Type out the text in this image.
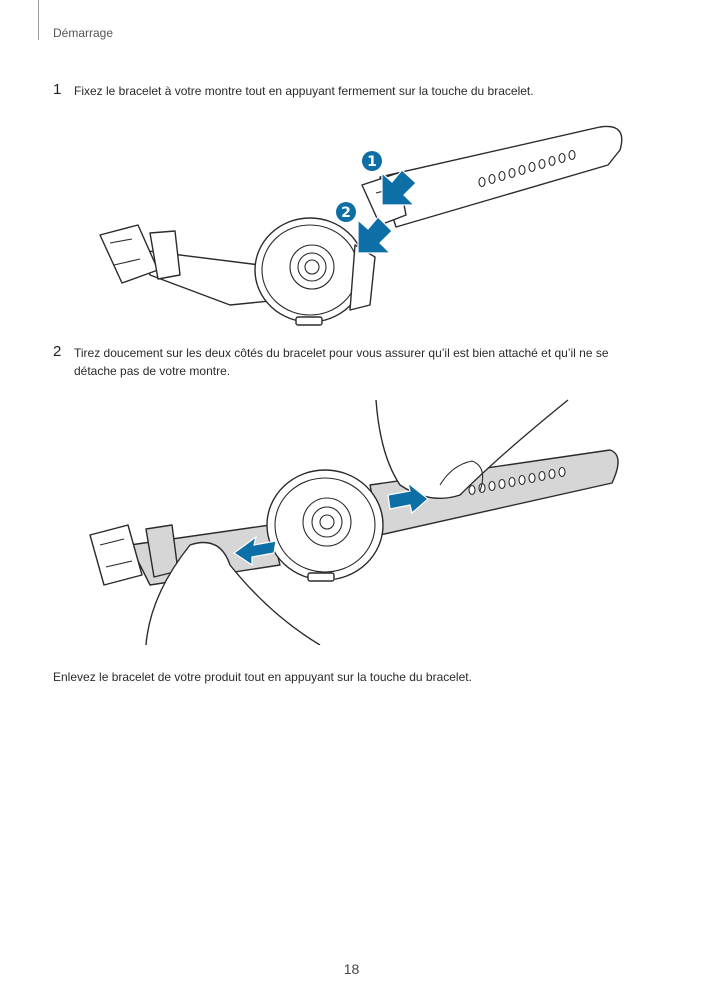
Démarrage
1 Fixez le bracelet à votre montre tout en appuyant fermement sur la touche du bracelet.
1
2
2 Tirez doucement sur les deux côtés du bracelet pour vous assurer qu’il est bien attaché et qu’il ne se détache pas de votre montre.
Enlevez le bracelet de votre produit tout en appuyant sur la touche du bracelet.
18
